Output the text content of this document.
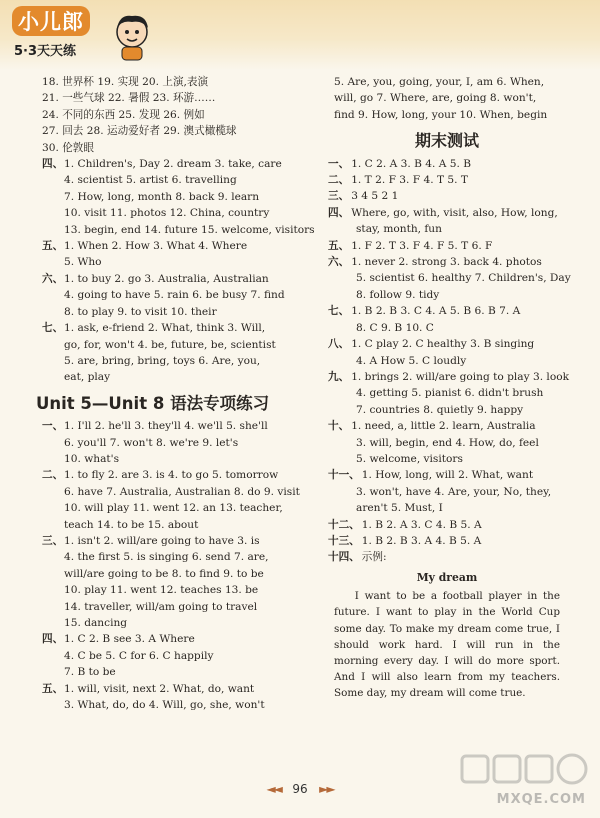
小儿郎
5·3天天练
18. 世界杯 19. 实现 20. 上演,表演
21. 一些气球 22. 暑假 23. 环游……
24. 不同的东西 25. 发现 26. 例如
27. 回去 28. 运动爱好者 29. 澳式橄榄球
30. 伦敦眼
四、1. Children's, Day 2. dream 3. take, care
4. scientist 5. artist 6. travelling
7. How, long, month 8. back 9. learn
10. visit 11. photos 12. China, country
13. begin, end 14. future 15. welcome, visitors
五、1. When 2. How 3. What 4. Where
5. Who
六、1. to buy 2. go 3. Australia, Australian
4. going to have 5. rain 6. be busy 7. find
8. to play 9. to visit 10. their
七、1. ask, e-friend 2. What, think 3. Will,
go, for, won't 4. be, future, be, scientist
5. are, bring, bring, toys 6. Are, you,
eat, play
Unit 5—Unit 8 语法专项练习
一、1. I'll 2. he'll 3. they'll 4. we'll 5. she'll
6. you'll 7. won't 8. we're 9. let's
10. what's
二、1. to fly 2. are 3. is 4. to go 5. tomorrow
6. have 7. Australia, Australian 8. do 9. visit
10. will play 11. went 12. an 13. teacher,
teach 14. to be 15. about
三、1. isn't 2. will/are going to have 3. is
4. the first 5. is singing 6. send 7. are,
will/are going to be 8. to find 9. to be
10. play 11. went 12. teaches 13. be
14. traveller, will/am going to travel
15. dancing
四、1. C 2. B see 3. A Where
4. C be 5. C for 6. C happily
7. B to be
五、1. will, visit, next 2. What, do, want
3. What, do, do 4. Will, go, she, won't
5. Are, you, going, your, I, am 6. When,
will, go 7. Where, are, going 8. won't,
find 9. How, long, your 10. When, begin
期末测试
一、 1. C 2. A 3. B 4. A 5. B
二、 1. T 2. F 3. F 4. T 5. T
三、 3 4 5 2 1
四、 Where, go, with, visit, also, How, long,
stay, month, fun
五、 1. F 2. T 3. F 4. F 5. T 6. F
六、 1. never 2. strong 3. back 4. photos
5. scientist 6. healthy 7. Children's, Day
8. follow 9. tidy
七、 1. B 2. B 3. C 4. A 5. B 6. B 7. A
8. C 9. B 10. C
八、 1. C play 2. C healthy 3. B singing
4. A How 5. C loudly
九、 1. brings 2. will/are going to play 3. look
4. getting 5. pianist 6. didn't brush
7. countries 8. quietly 9. happy
十、 1. need, a, little 2. learn, Australia
3. will, begin, end 4. How, do, feel
5. welcome, visitors
十一、 1. How, long, will 2. What, want
3. won't, have 4. Are, your, No, they,
aren't 5. Must, I
十二、 1. B 2. A 3. C 4. B 5. A
十三、 1. B 2. B 3. A 4. B 5. A
十四、 示例:
My dream

I want to be a football player in the future. I want to play in the World Cup some day. To make my dream come true, I should work hard. I will run in the morning every day. I will do more sport. And I will also learn from my teachers. Some day, my dream will come true.

◄◄ 96 ►►
MXQE.COM
